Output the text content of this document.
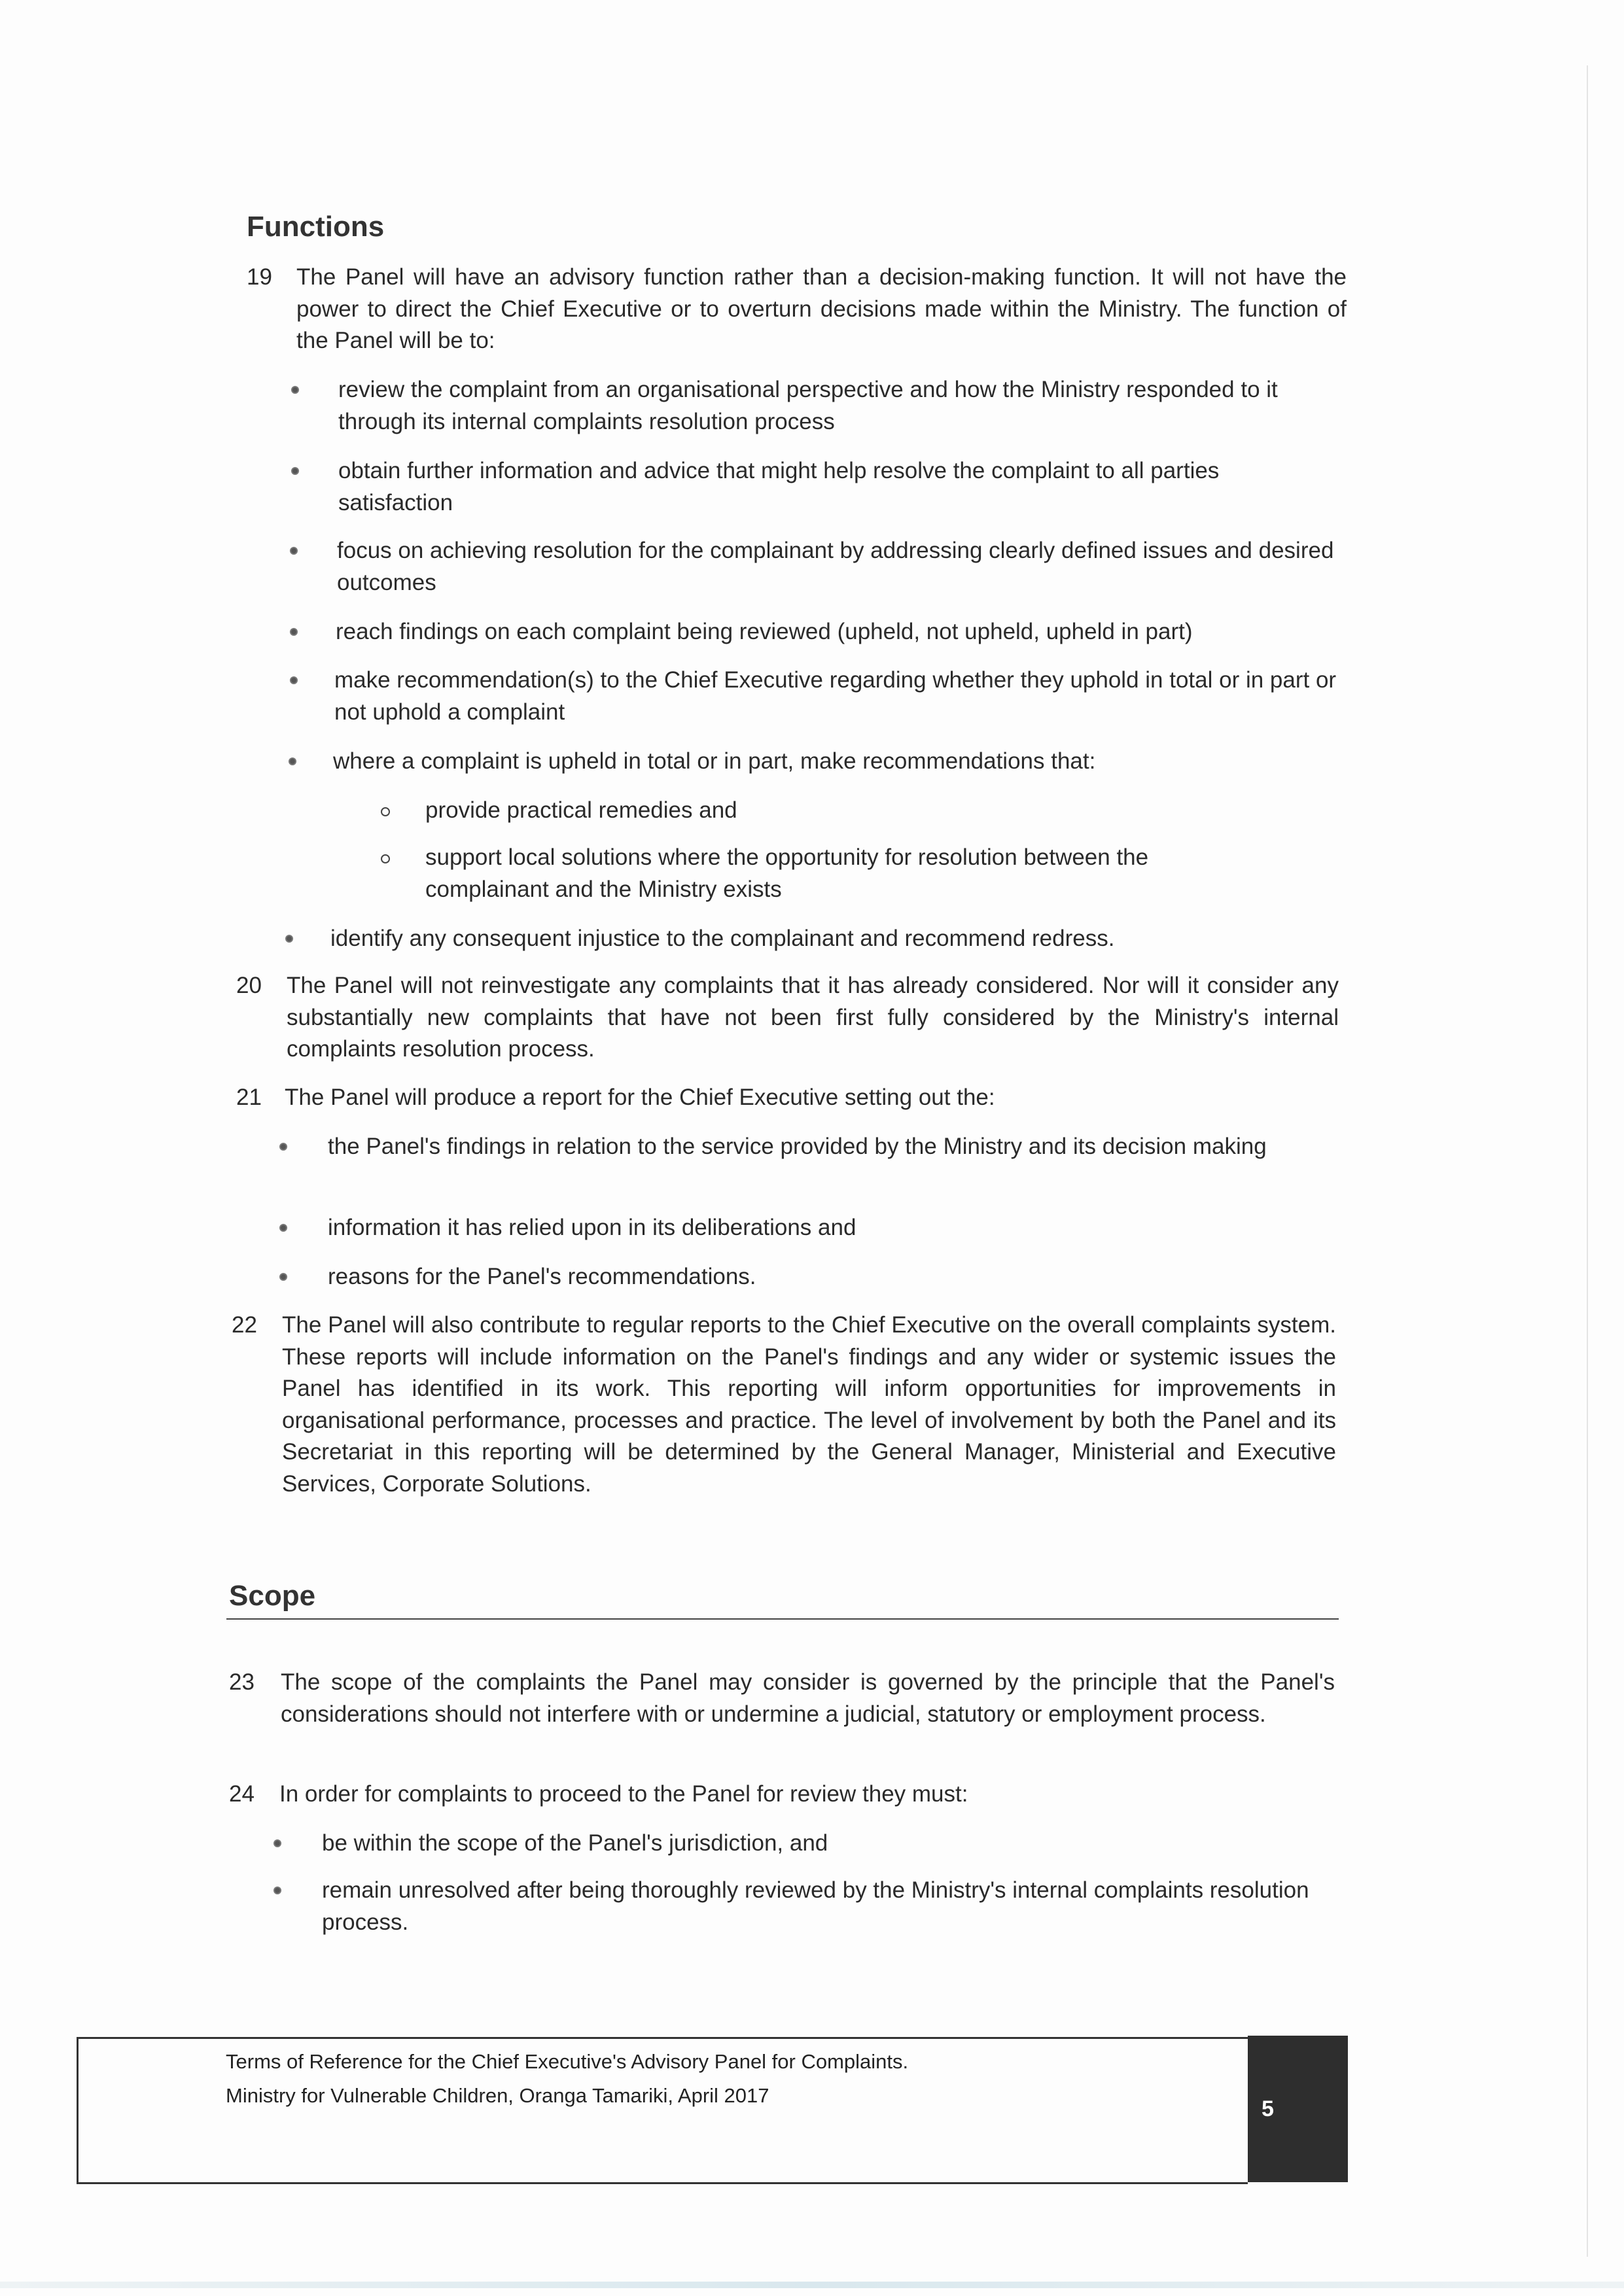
Functions
19 The Panel will have an advisory function rather than a decision-making function. It will not have the power to direct the Chief Executive or to overturn decisions made within the Ministry. The function of the Panel will be to:
review the complaint from an organisational perspective and how the Ministry responded to it through its internal complaints resolution process
obtain further information and advice that might help resolve the complaint to all parties satisfaction
focus on achieving resolution for the complainant by addressing clearly defined issues and desired outcomes
reach findings on each complaint being reviewed (upheld, not upheld, upheld in part)
make recommendation(s) to the Chief Executive regarding whether they uphold in total or in part or not uphold a complaint
where a complaint is upheld in total or in part, make recommendations that:
provide practical remedies and
support local solutions where the opportunity for resolution between the complainant and the Ministry exists
identify any consequent injustice to the complainant and recommend redress.
20 The Panel will not reinvestigate any complaints that it has already considered. Nor will it consider any substantially new complaints that have not been first fully considered by the Ministry's internal complaints resolution process.
21 The Panel will produce a report for the Chief Executive setting out the:
the Panel's findings in relation to the service provided by the Ministry and its decision making
information it has relied upon in its deliberations and
reasons for the Panel's recommendations.
22 The Panel will also contribute to regular reports to the Chief Executive on the overall complaints system. These reports will include information on the Panel's findings and any wider or systemic issues the Panel has identified in its work. This reporting will inform opportunities for improvements in organisational performance, processes and practice. The level of involvement by both the Panel and its Secretariat in this reporting will be determined by the General Manager, Ministerial and Executive Services, Corporate Solutions.
Scope
23 The scope of the complaints the Panel may consider is governed by the principle that the Panel's considerations should not interfere with or undermine a judicial, statutory or employment process.
24 In order for complaints to proceed to the Panel for review they must:
be within the scope of the Panel's jurisdiction, and
remain unresolved after being thoroughly reviewed by the Ministry's internal complaints resolution process.
Terms of Reference for the Chief Executive's Advisory Panel for Complaints.
Ministry for Vulnerable Children, Oranga Tamariki, April 2017
5
